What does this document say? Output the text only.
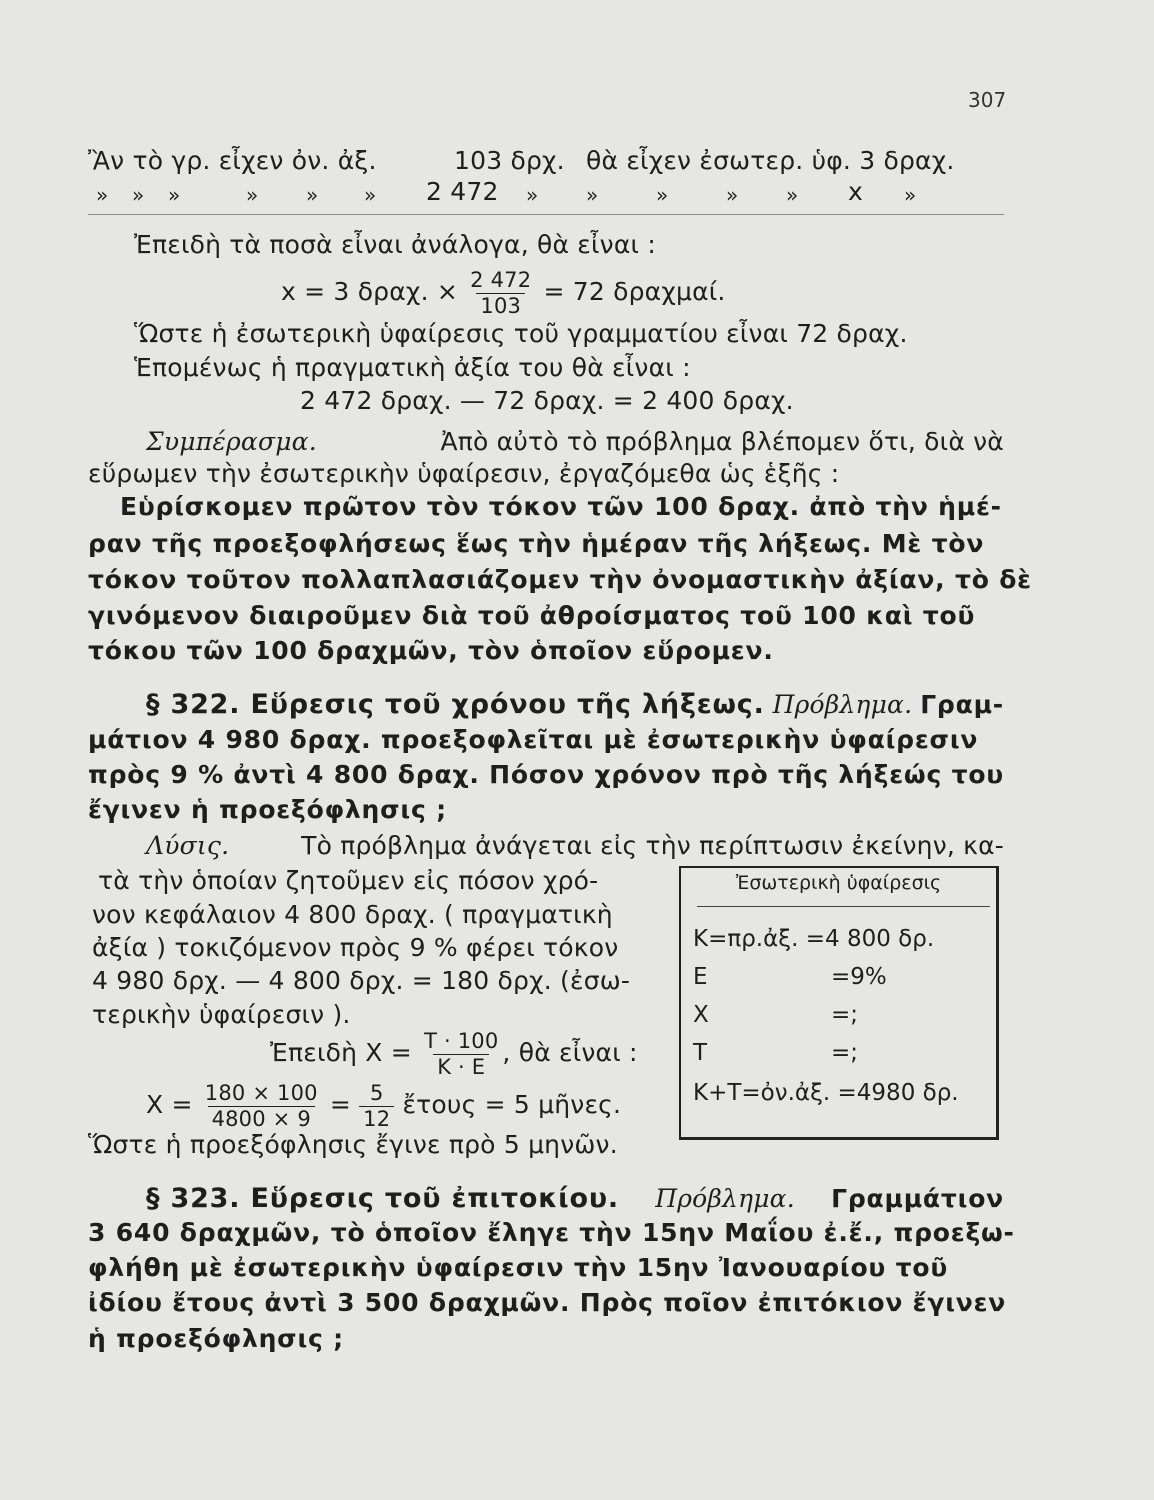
307
Ἂν τὸ γρ. εἶχεν ὀν. ἀξ.	103 δρχ. θὰ εἶχεν ἐσωτερ. ὑφ. 3 δραχ.
» » »	» » » 2 472 » »	»	» » x »
Ἐπειδὴ τὰ ποσὰ εἶναι ἀνάλογα, θὰ εἶναι :
x = 3 δραχ. × $\frac{2 472}{103} = 72$ δραχμαί.
Ὥστε ἡ ἐσωτερικὴ ὑφαίρεσις τοῦ γραμματίου εἶναι 72 δραχ.
Ἑπομένως ἡ πραγματικὴ ἀξία του θὰ εἶναι :
2 472 δραχ. — 72 δραχ. = 2 400 δραχ.
Συμπέρασμα.	Ἀπὸ αὐτὸ τὸ πρόβλημα βλέπομεν ὅτι, διὰ νὰ
εὕρωμεν τὴν ἐσωτερικὴν ὑφαίρεσιν, ἐργαζόμεθα ὡς ἑξῆς :
Εὑρίσκομεν πρῶτον τὸν τόκον τῶν 100 δραχ. ἀπὸ τὴν ἡμέ-
ραν τῆς προεξοφλήσεως ἕως τὴν ἡμέραν τῆς λήξεως. Μὲ τὸν
τόκον τοῦτον πολλαπλασιάζομεν τὴν ὀνομαστικὴν ἀξίαν, τὸ δὲ
γινόμενον διαιροῦμεν διὰ τοῦ ἀθροίσματος τοῦ 100 καὶ τοῦ
τόκου τῶν 100 δραχμῶν, τὸν ὁποῖον εὕρομεν.
§ 322. Εὕρεσις τοῦ χρόνου τῆς λήξεως. Πρόβλημα. Γραμ-
μάτιον 4 980 δραχ. προεξοφλεῖται μὲ ἐσωτερικὴν ὑφαίρεσιν
πρὸς 9 % ἀντὶ 4 800 δραχ. Πόσον χρόνον πρὸ τῆς λήξεώς του
ἔγινεν ἡ προεξόφλησις ;
Λύσις.	Τὸ πρόβλημα ἀνάγεται εἰς τὴν περίπτωσιν ἐκείνην, κα-
τὰ τὴν ὁποίαν ζητοῦμεν εἰς πόσον χρό-
νον κεφάλαιον 4 800 δραχ. ( πραγματικὴ
ἀξία ) τοκιζόμενον πρὸς 9 % φέρει τόκον
4 980 δρχ. — 4 800 δρχ. = 180 δρχ. (ἐσω-
τερικὴν ὑφαίρεσιν ).
Ἐπειδὴ $X = \frac{T \cdot 100}{K \cdot E}$ , θὰ εἶναι :
$X = \frac{180 \times 100}{4800 \times 9} = \frac{5}{12}$ ἔτους = 5 μῆνες.
Ὥστε ἡ προεξόφλησις ἔγινε πρὸ 5 μηνῶν.
Ἐσωτερικὴ ὑφαίρεσις
K=πρ.ἀξ. =4 800 δρ.
E	=9%
X	=;
T	=;
K+T=ὀν.ἀξ. =4980 δρ.
§ 323. Εὕρεσις τοῦ ἐπιτοκίου. Πρόβλημα. Γραμμάτιον
3 640 δραχμῶν, τὸ ὁποῖον ἔληγε τὴν 15ην Μαΐου ἐ.ἔ., προεξω-
φλήθη μὲ ἐσωτερικὴν ὑφαίρεσιν τὴν 15ην Ἰανουαρίου τοῦ
ἰδίου ἔτους ἀντὶ 3 500 δραχμῶν. Πρὸς ποῖον ἐπιτόκιον ἔγινεν
ἡ προεξόφλησις ;
